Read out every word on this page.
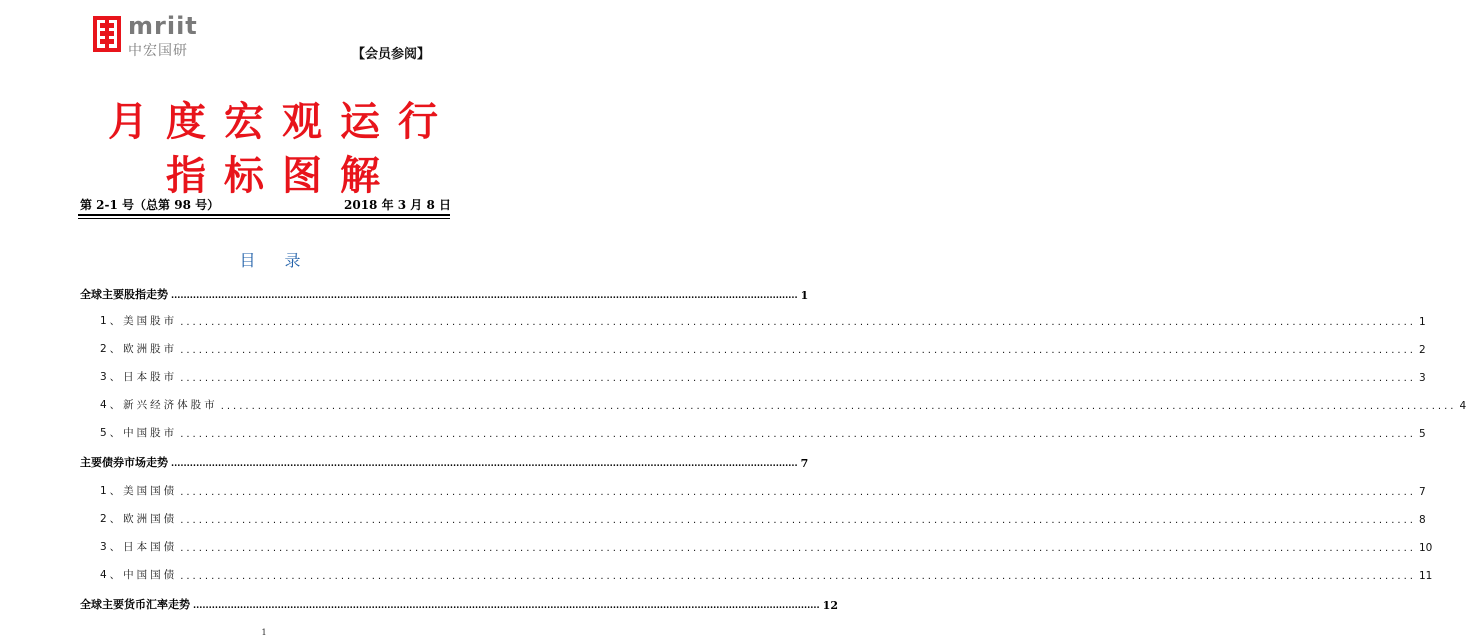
mriit
中宏国研	【会员参阅】
月度宏观运行
指标图解
第 2-1 号（总第 98 号）	2018 年 3 月 8 日
目 录
全球主要股指走势 ........................................................................................................................................................................................................ 1
1、美国股市 ........................................................................................................................................................................................................ 1
2、欧洲股市 ........................................................................................................................................................................................................ 2
3、日本股市 ........................................................................................................................................................................................................ 3
4、新兴经济体股市 ........................................................................................................................................................................................................ 4
5、中国股市 ........................................................................................................................................................................................................ 5
主要债券市场走势 ........................................................................................................................................................................................................ 7
1、美国国债 ........................................................................................................................................................................................................ 7
2、欧洲国债 ........................................................................................................................................................................................................ 8
3、日本国债 ........................................................................................................................................................................................................ 10
4、中国国债 ........................................................................................................................................................................................................ 11
全球主要货币汇率走势 ........................................................................................................................................................................................................ 12
1
